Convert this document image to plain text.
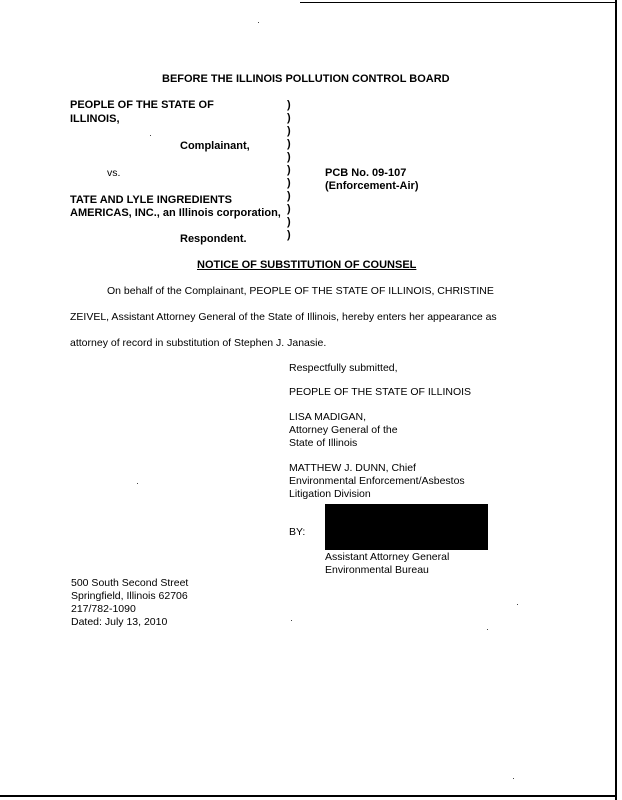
BEFORE THE ILLINOIS POLLUTION CONTROL BOARD
PEOPLE OF THE STATE OF
ILLINOIS,
Complainant,
vs.
TATE AND LYLE INGREDIENTS
AMERICAS, INC., an Illinois corporation,
Respondent.
)
)
)
)
)
)
)
)
)
)
)
PCB No. 09-107
(Enforcement-Air)
NOTICE OF SUBSTITUTION OF COUNSEL
On behalf of the Complainant, PEOPLE OF THE STATE OF ILLINOIS, CHRISTINE
ZEIVEL, Assistant Attorney General of the State of Illinois, hereby enters her appearance as
attorney of record in substitution of Stephen J. Janasie.
Respectfully submitted,
PEOPLE OF THE STATE OF ILLINOIS
LISA MADIGAN,
Attorney General of the
State of Illinois
MATTHEW J. DUNN, Chief
Environmental Enforcement/Asbestos
Litigation Division
BY:
Assistant Attorney General
Environmental Bureau
500 South Second Street
Springfield, Illinois 62706
217/782-1090
Dated: July 13, 2010
